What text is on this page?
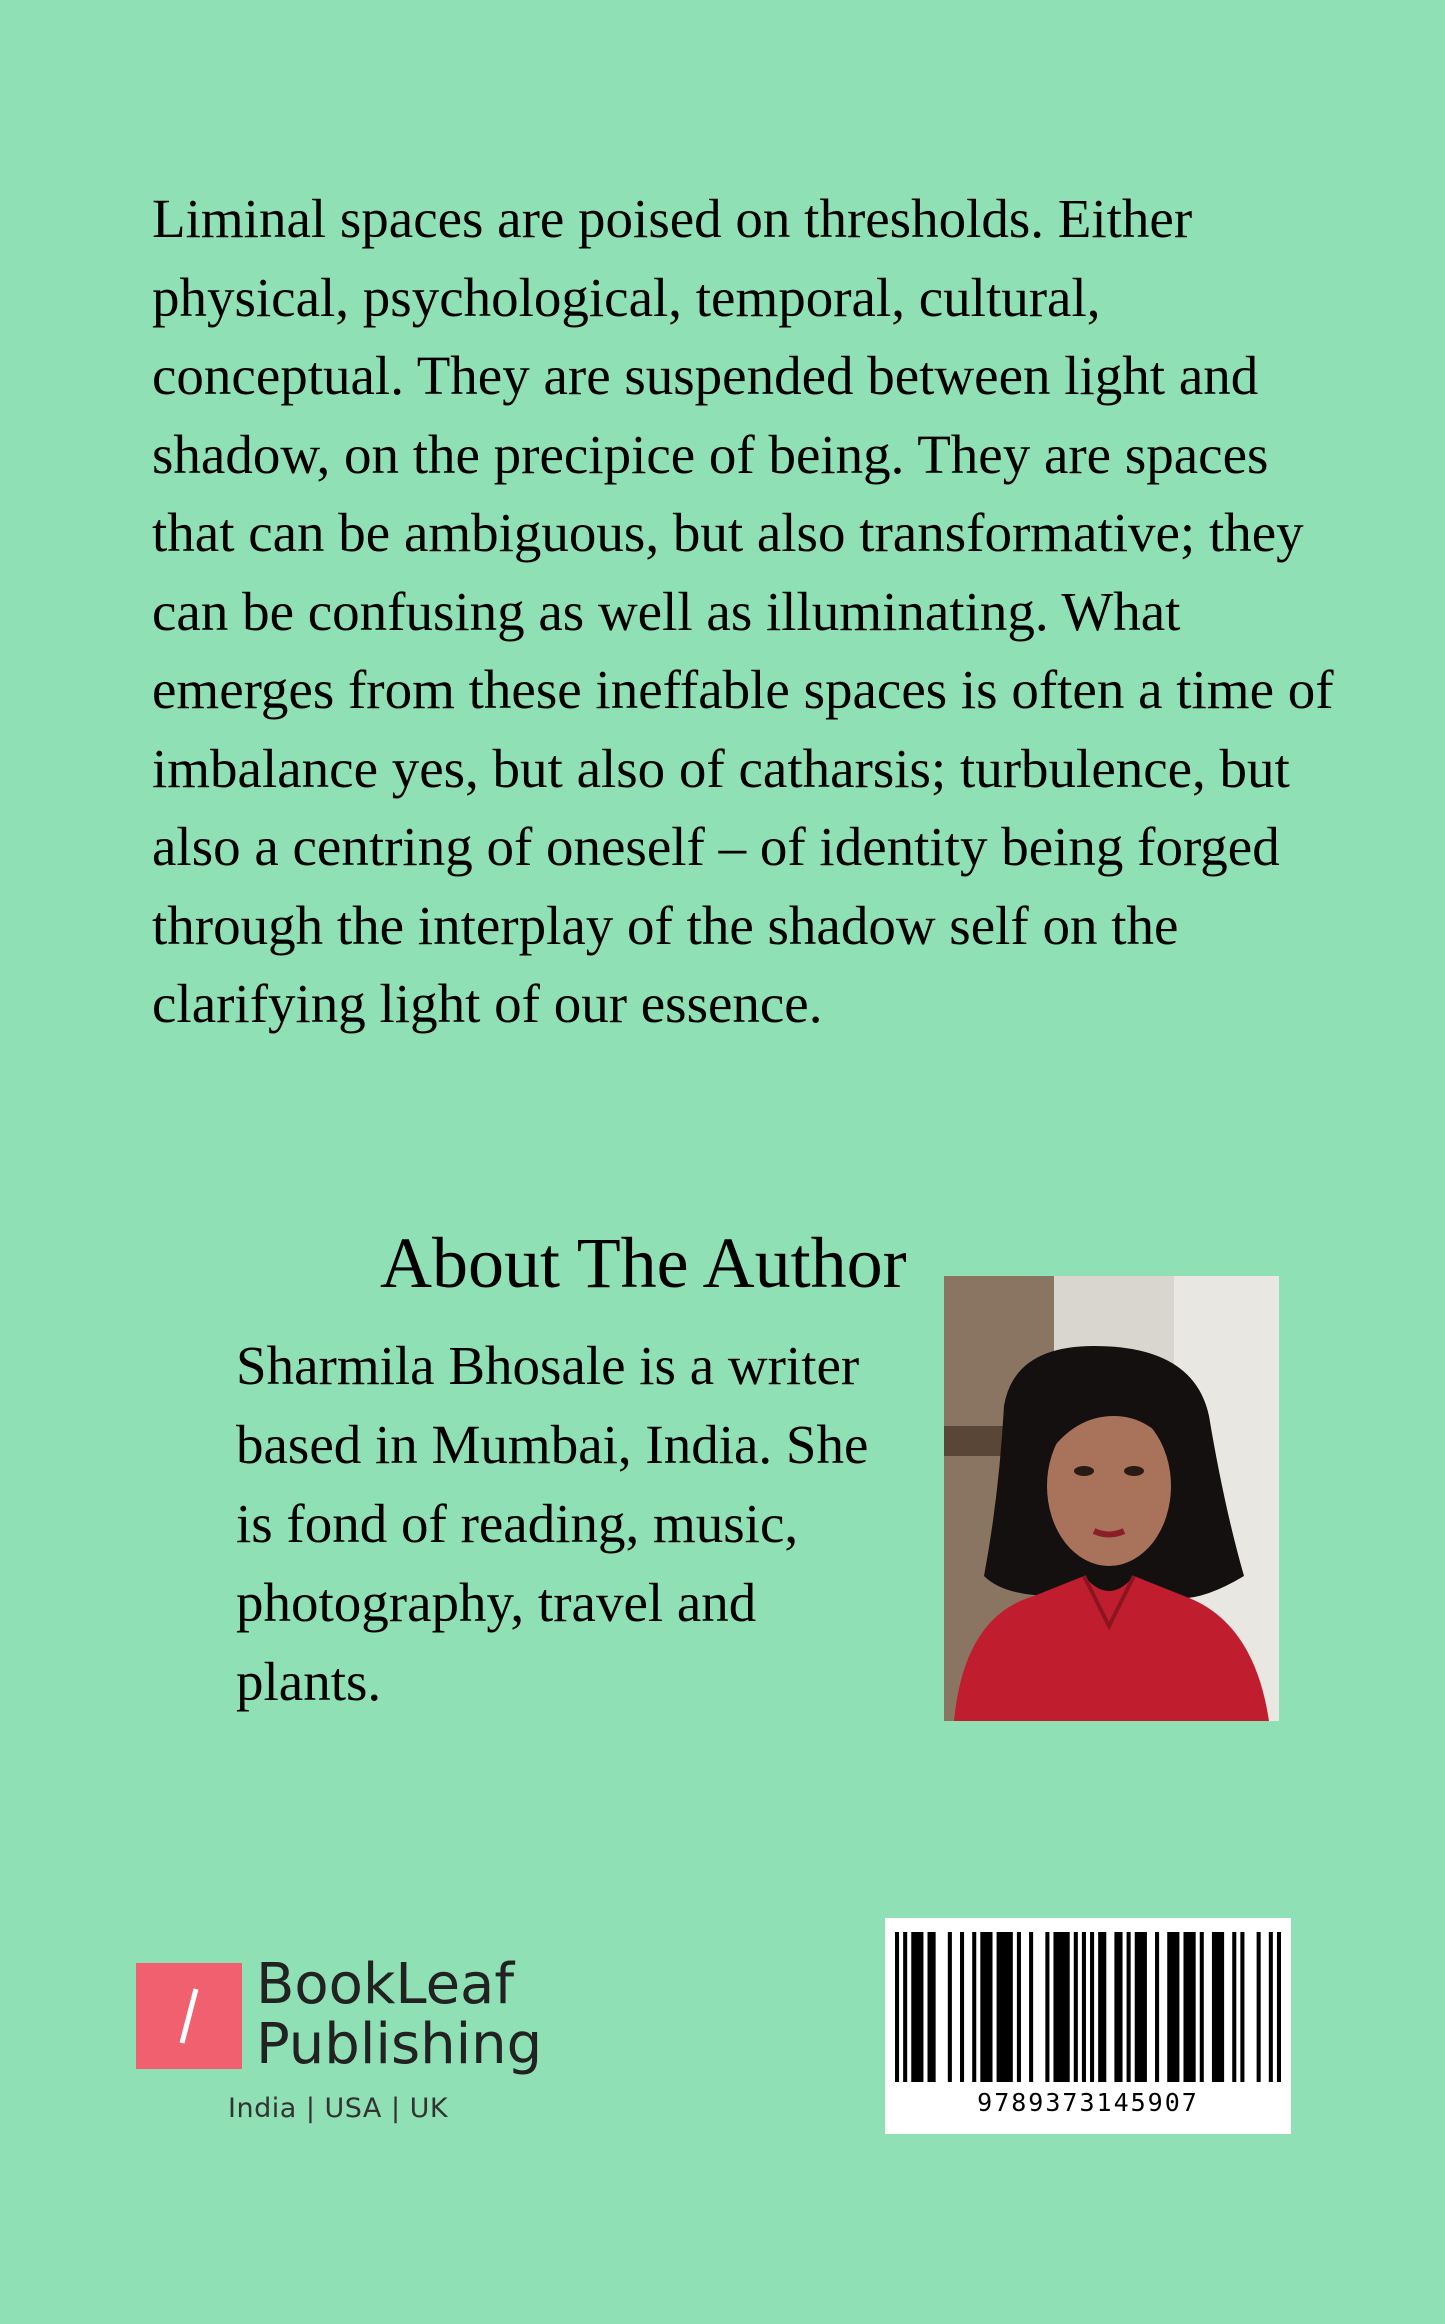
Liminal spaces are poised on thresholds. Either physical, psychological, temporal, cultural, conceptual. They are suspended between light and shadow, on the precipice of being. They are spaces that can be ambiguous, but also transformative; they can be confusing as well as illuminating. What emerges from these ineffable spaces is often a time of imbalance yes, but also of catharsis; turbulence, but also a centring of oneself – of identity being forged through the interplay of the shadow self on the clarifying light of our essence.

About The Author

Sharmila Bhosale is a writer based in Mumbai, India. She is fond of reading, music, photography, travel and plants.

BookLeaf
Publishing
India | USA | UK	9789373145907
